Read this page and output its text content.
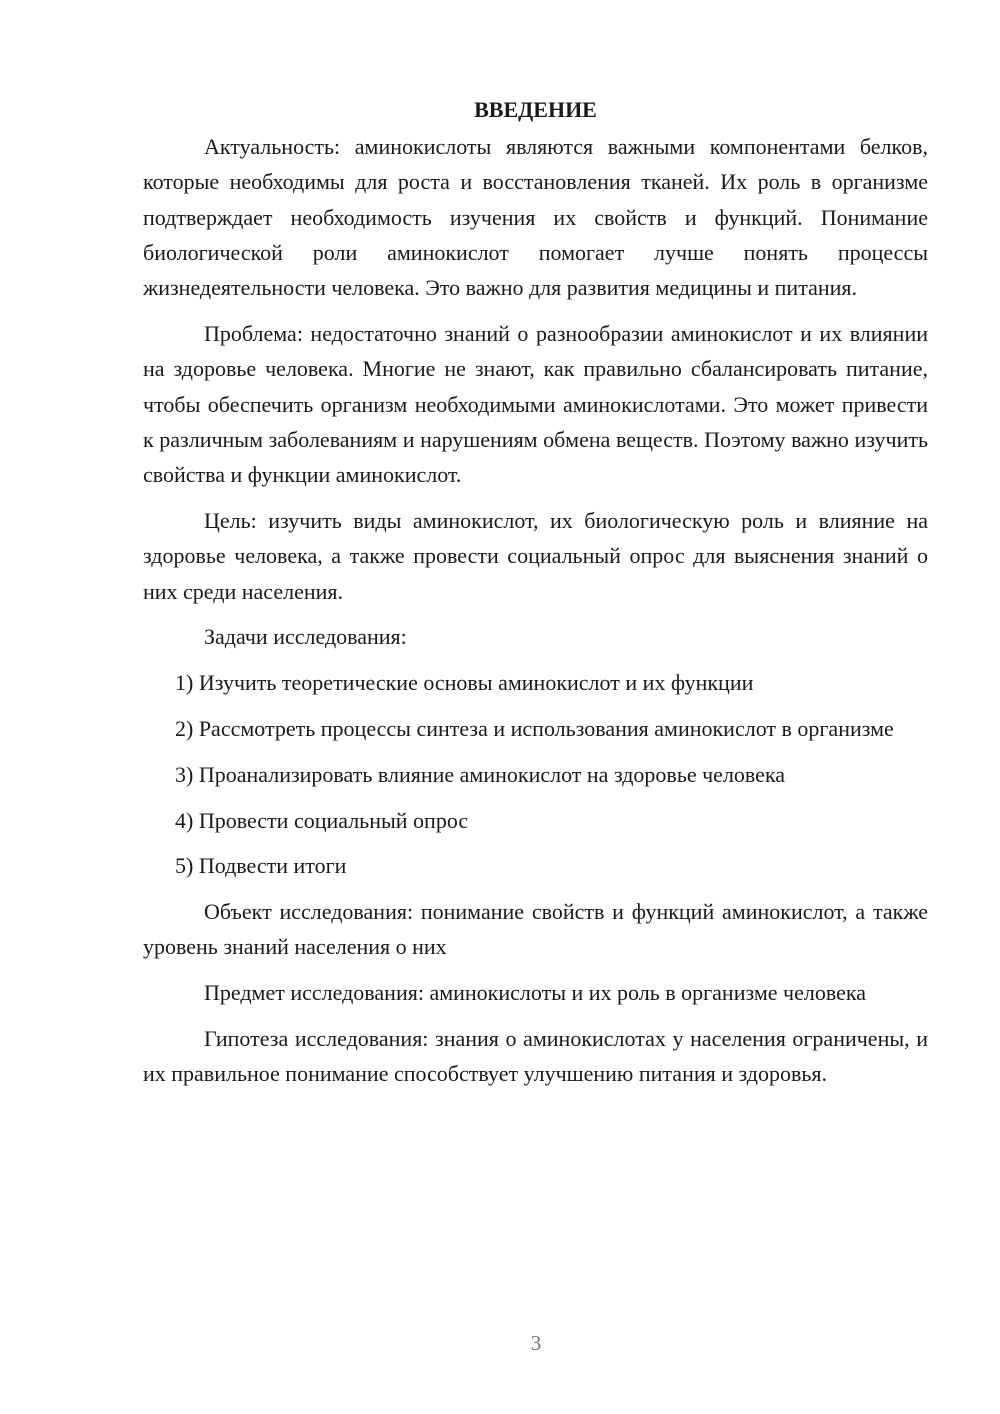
ВВЕДЕНИЕ

Актуальность: аминокислоты являются важными компонентами белков, которые необходимы для роста и восстановления тканей. Их роль в организме подтверждает необходимость изучения их свойств и функций. Понимание биологической роли аминокислот помогает лучше понять процессы жизнедеятельности человека. Это важно для развития медицины и питания.

Проблема: недостаточно знаний о разнообразии аминокислот и их влиянии на здоровье человека. Многие не знают, как правильно сбалансировать питание, чтобы обеспечить организм необходимыми аминокислотами. Это может привести к различным заболеваниям и нарушениям обмена веществ. Поэтому важно изучить свойства и функции аминокислот.

Цель: изучить виды аминокислот, их биологическую роль и влияние на здоровье человека, а также провести социальный опрос для выяснения знаний о них среди населения.

Задачи исследования:

1) Изучить теоретические основы аминокислот и их функции

2) Рассмотреть процессы синтеза и использования аминокислот в организме

3) Проанализировать влияние аминокислот на здоровье человека

4) Провести социальный опрос

5) Подвести итоги

Объект исследования: понимание свойств и функций аминокислот, а также уровень знаний населения о них

Предмет исследования: аминокислоты и их роль в организме человека

Гипотеза исследования: знания о аминокислотах у населения ограничены, и их правильное понимание способствует улучшению питания и здоровья.

3
